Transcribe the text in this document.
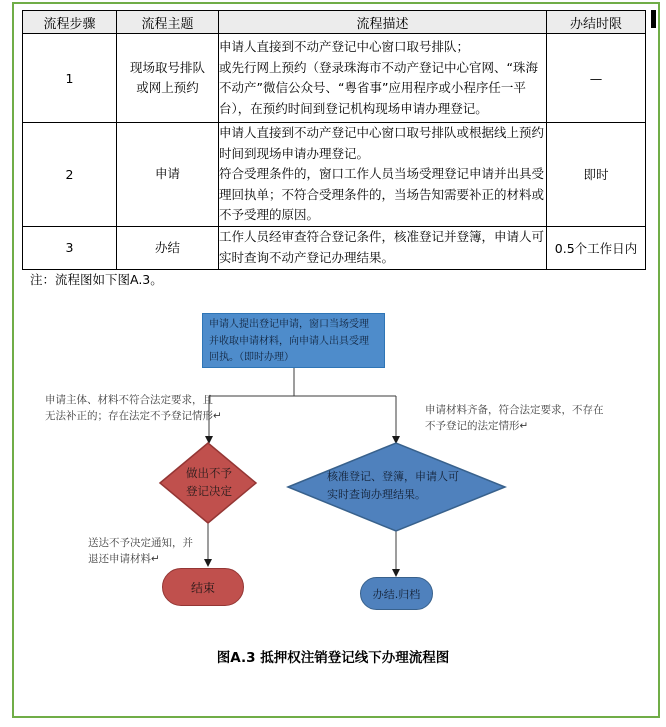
流程步骤	流程主题	流程描述	办结时限
1	现场取号排队或网上预约	申请人直接到不动产登记中心窗口取号排队；
或先行网上预约（登录珠海市不动产登记中心官网、“珠海不动产”微信公众号、“粤省事”应用程序或小程序任一平台），在预约时间到登记机构现场申请办理登记。	—
2	申请	申请人直接到不动产登记中心窗口取号排队或根据线上预约时间到现场申请办理登记。
符合受理条件的，窗口工作人员当场受理登记申请并出具受理回执单；不符合受理条件的，当场告知需要补正的材料或不予受理的原因。	即时
3	办结	工作人员经审查符合登记条件，核准登记并登簿，申请人可实时查询不动产登记办理结果。	0.5个工作日内
注：流程图如下图A.3。
申请人提出登记申请，窗口当场受理并收取申请材料，向申请人出具受理回执。（即时办理）
申请主体、材料不符合法定要求，且无法补正的；存在法定不予登记情形↵	申请材料齐备，符合法定要求，不存在不予登记的法定情形↵
做出不予登记决定
核准登记、登簿，申请人可实时查询办理结果。
送达不予决定通知，并退还申请材料↵
结束	办结.归档
图A.3 抵押权注销登记线下办理流程图
